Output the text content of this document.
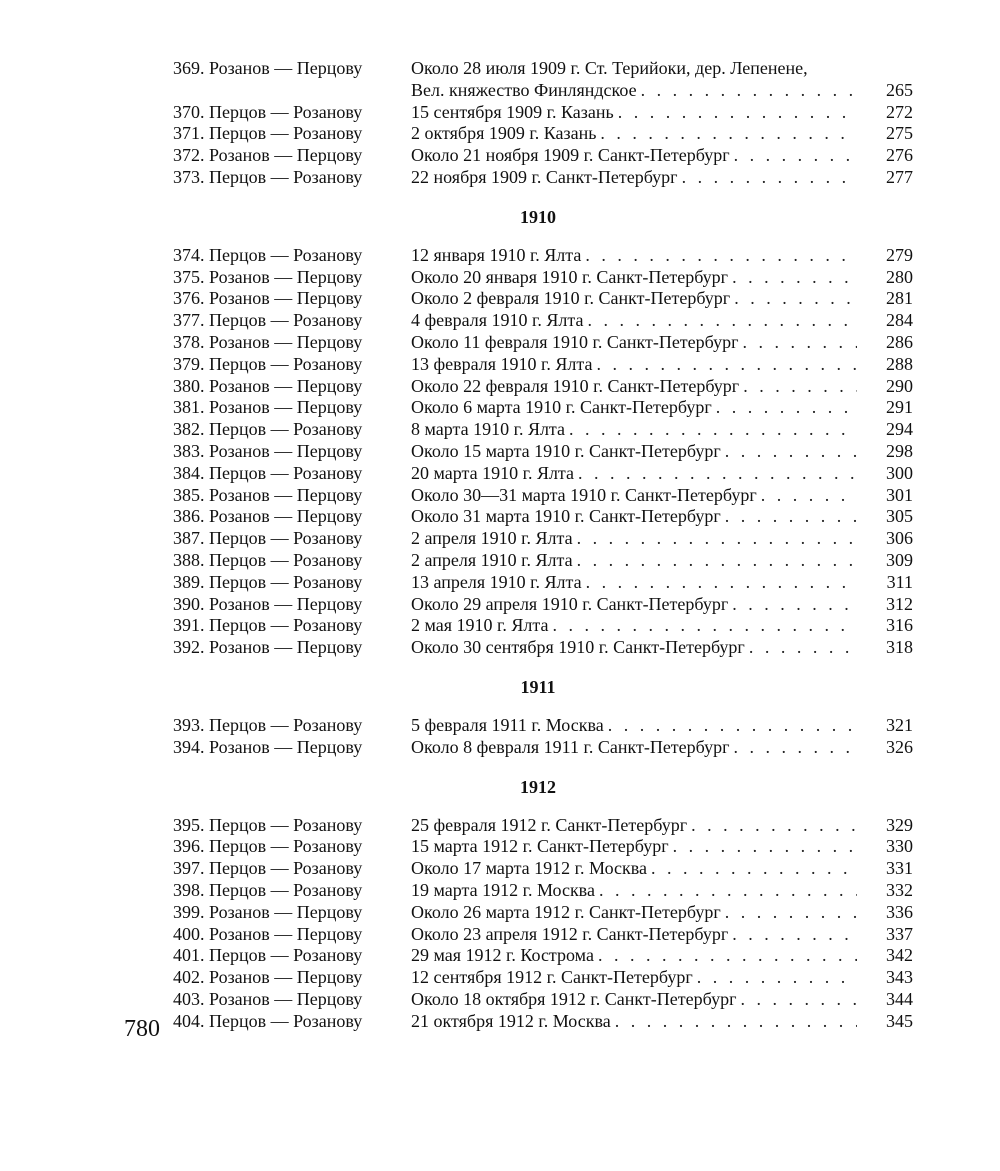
369. Розанов — Перцову	Около 28 июля 1909 г. Ст. Терийоки, дер. Лепенене,
Вел. княжество Финляндское . . .	265
370. Перцов — Розанову	15 сентября 1909 г. Казань . . .	272
371. Перцов — Розанову	2 октября 1909 г. Казань . . .	275
372. Розанов — Перцову	Около 21 ноября 1909 г. Санкт-Петербург . . .	276
373. Перцов — Розанову	22 ноября 1909 г. Санкт-Петербург . . .	277
1910
374. Перцов — Розанову	12 января 1910 г. Ялта . . .	279
375. Розанов — Перцову	Около 20 января 1910 г. Санкт-Петербург . . .	280
376. Розанов — Перцову	Около 2 февраля 1910 г. Санкт-Петербург . . .	281
377. Перцов — Розанову	4 февраля 1910 г. Ялта . . .	284
378. Розанов — Перцову	Около 11 февраля 1910 г. Санкт-Петербург . . .	286
379. Перцов — Розанову	13 февраля 1910 г. Ялта . . .	288
380. Розанов — Перцову	Около 22 февраля 1910 г. Санкт-Петербург . . .	290
381. Розанов — Перцову	Около 6 марта 1910 г. Санкт-Петербург . . .	291
382. Перцов — Розанову	8 марта 1910 г. Ялта . . .	294
383. Розанов — Перцову	Около 15 марта 1910 г. Санкт-Петербург . . .	298
384. Перцов — Розанову	20 марта 1910 г. Ялта . . .	300
385. Розанов — Перцову	Около 30—31 марта 1910 г. Санкт-Петербург . . .	301
386. Розанов — Перцову	Около 31 марта 1910 г. Санкт-Петербург . . .	305
387. Перцов — Розанову	2 апреля 1910 г. Ялта . . .	306
388. Перцов — Розанову	2 апреля 1910 г. Ялта . . .	309
389. Перцов — Розанову	13 апреля 1910 г. Ялта . . .	311
390. Розанов — Перцову	Около 29 апреля 1910 г. Санкт-Петербург . . .	312
391. Перцов — Розанову	2 мая 1910 г. Ялта . . .	316
392. Розанов — Перцову	Около 30 сентября 1910 г. Санкт-Петербург . . .	318
1911
393. Перцов — Розанову	5 февраля 1911 г. Москва . . .	321
394. Розанов — Перцову	Около 8 февраля 1911 г. Санкт-Петербург . . .	326
1912
395. Перцов — Розанову	25 февраля 1912 г. Санкт-Петербург . . .	329
396. Перцов — Розанову	15 марта 1912 г. Санкт-Петербург . . .	330
397. Перцов — Розанову	Около 17 марта 1912 г. Москва . . .	331
398. Перцов — Розанову	19 марта 1912 г. Москва . . .	332
399. Розанов — Перцову	Около 26 марта 1912 г. Санкт-Петербург . . .	336
400. Розанов — Перцову	Около 23 апреля 1912 г. Санкт-Петербург . . .	337
401. Перцов — Розанову	29 мая 1912 г. Кострома . . .	342
402. Розанов — Перцову	12 сентября 1912 г. Санкт-Петербург . . .	343
403. Розанов — Перцову	Около 18 октября 1912 г. Санкт-Петербург . . .	344
404. Перцов — Розанову	21 октября 1912 г. Москва . . .	345
780
